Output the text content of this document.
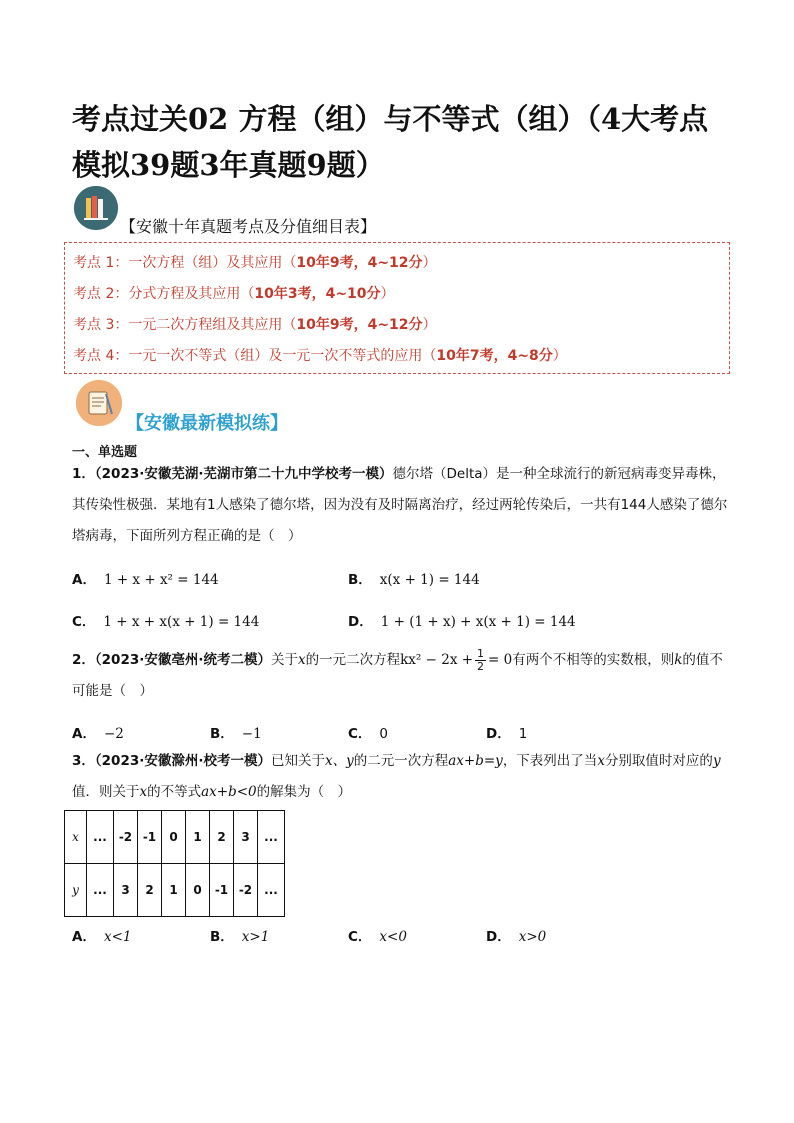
考点过关02 方程（组）与不等式（组）（4大考点模拟39题3年真题9题）
【安徽十年真题考点及分值细目表】
考点 1：一次方程（组）及其应用（10年9考，4~12分）
考点 2：分式方程及其应用（10年3考，4~10分）
考点 3：一元二次方程组及其应用（10年9考，4~12分）
考点 4：一元一次不等式（组）及一元一次不等式的应用（10年7考，4~8分）
【安徽最新模拟练】
一、单选题
1．（2023·安徽芜湖·芜湖市第二十九中学校考一模）德尔塔（Delta）是一种全球流行的新冠病毒变异毒株，其传染性极强．某地有1人感染了德尔塔，因为没有及时隔离治疗，经过两轮传染后，一共有144人感染了德尔塔病毒，下面所列方程正确的是（　）
A． 1 + x + x² = 144	B． x(x + 1) = 144
C． 1 + x + x(x + 1) = 144	D． 1 + (1 + x) + x(x + 1) = 144
2．（2023·安徽亳州·统考二模）关于x的一元二次方程$kx^2 - 2x + \frac{1}{2} = 0$有两个不相等的实数根，则k的值不可能是（　）
A． −2	B． −1	C． 0	D． 1
3．（2023·安徽滁州·校考一模）已知关于x、y的二元一次方程ax+b=y，下表列出了当x分别取值时对应的y值．则关于x的不等式ax+b<0的解集为（　）
x	...	-2	-1	0	1	2	3	...
y	...	3	2	1	0	-1	-2	...
A． x<1	B． x>1	C． x<0	D． x>0
